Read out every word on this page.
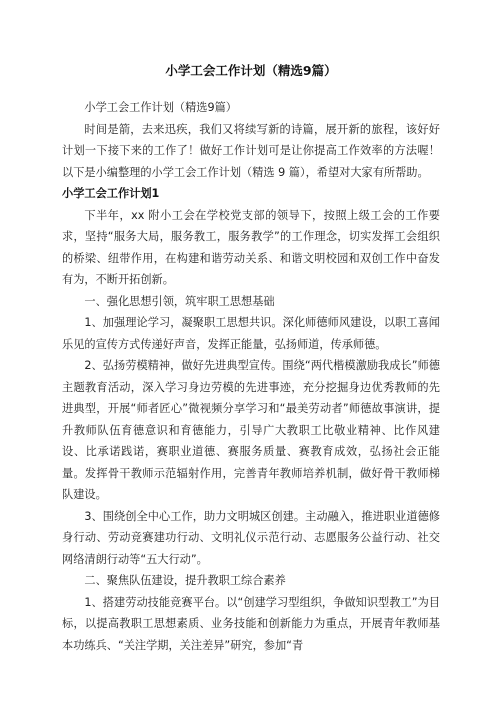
小学工会工作计划（精选9篇）

小学工会工作计划（精选9篇）

时间是箭，去来迅疾，我们又将续写新的诗篇，展开新的旅程，该好好计划一下接下来的工作了！做好工作计划可是让你提高工作效率的方法喔！以下是小编整理的小学工会工作计划（精选 9 篇），希望对大家有所帮助。

小学工会工作计划1

下半年，xx 附小工会在学校党支部的领导下，按照上级工会的工作要求，坚持“服务大局，服务教工，服务教学”的工作理念，切实发挥工会组织的桥梁、纽带作用，在构建和谐劳动关系、和谐文明校园和双创工作中奋发有为，不断开拓创新。

一、强化思想引领，筑牢职工思想基础

1、加强理论学习，凝聚职工思想共识。深化师德师风建设，以职工喜闻乐见的宣传方式传递好声音，发挥正能量，弘扬师道，传承师德。

2、弘扬劳模精神，做好先进典型宣传。围绕“两代楷模激励我成长”师德主题教育活动，深入学习身边劳模的先进事迹，充分挖掘身边优秀教师的先进典型，开展“师者匠心”微视频分享学习和“最美劳动者”师德故事演讲，提升教师队伍育德意识和育德能力，引导广大教职工比敬业精神、比作风建设、比承诺践诺，赛职业道德、赛服务质量、赛教育成效，弘扬社会正能量。发挥骨干教师示范辐射作用，完善青年教师培养机制，做好骨干教师梯队建设。

3、围绕创全中心工作，助力文明城区创建。主动融入，推进职业道德修身行动、劳动竞赛建功行动、文明礼仪示范行动、志愿服务公益行动、社交网络清朗行动等“五大行动”。

二、聚焦队伍建设，提升教职工综合素养

1、搭建劳动技能竞赛平台。以“创建学习型组织，争做知识型教工”为目标，以提高教职工思想素质、业务技能和创新能力为重点，开展青年教师基本功练兵、“关注学期，关注差异”研究，参加“青
